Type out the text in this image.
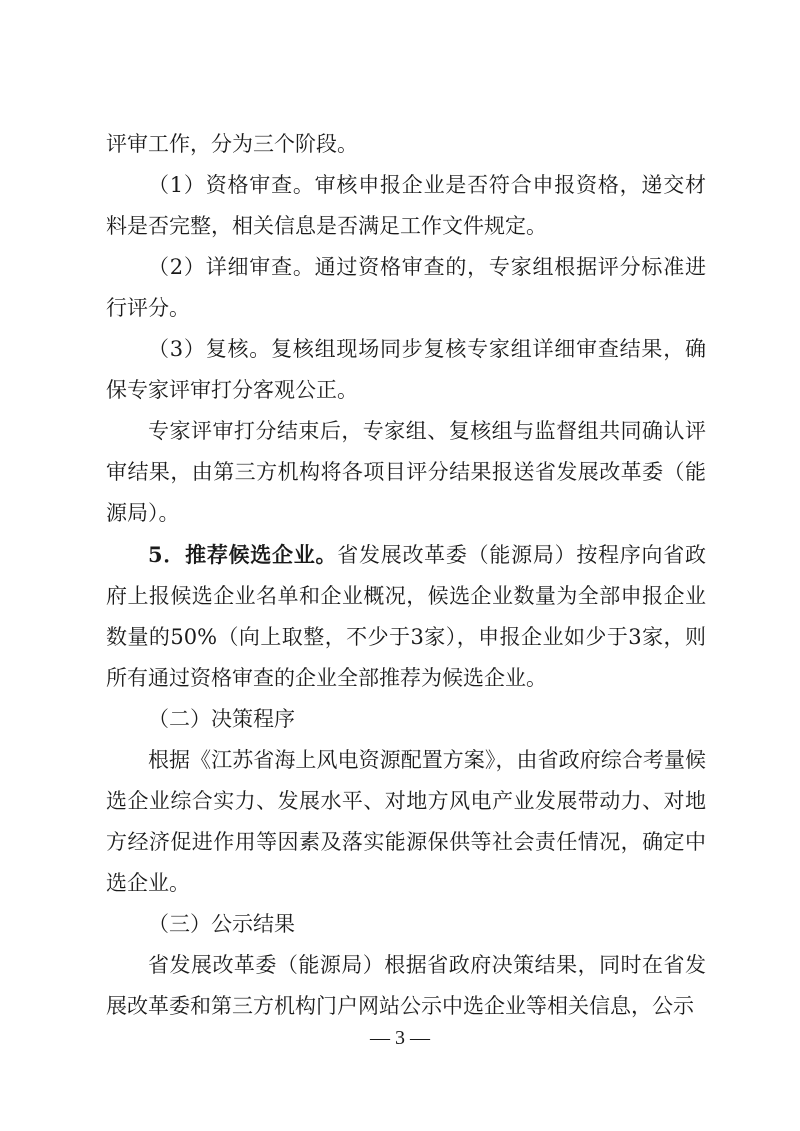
评审工作，分为三个阶段。

（1）资格审查。审核申报企业是否符合申报资格，递交材料是否完整，相关信息是否满足工作文件规定。

（2）详细审查。通过资格审查的，专家组根据评分标准进行评分。

（3）复核。复核组现场同步复核专家组详细审查结果，确保专家评审打分客观公正。

专家评审打分结束后，专家组、复核组与监督组共同确认评审结果，由第三方机构将各项目评分结果报送省发展改革委（能源局）。

5．推荐候选企业。省发展改革委（能源局）按程序向省政府上报候选企业名单和企业概况，候选企业数量为全部申报企业数量的50%（向上取整，不少于3家），申报企业如少于3家，则所有通过资格审查的企业全部推荐为候选企业。

（二）决策程序

根据《江苏省海上风电资源配置方案》，由省政府综合考量候选企业综合实力、发展水平、对地方风电产业发展带动力、对地方经济促进作用等因素及落实能源保供等社会责任情况，确定中选企业。

（三）公示结果

省发展改革委（能源局）根据省政府决策结果，同时在省发展改革委和第三方机构门户网站公示中选企业等相关信息，公示

— 3 —
